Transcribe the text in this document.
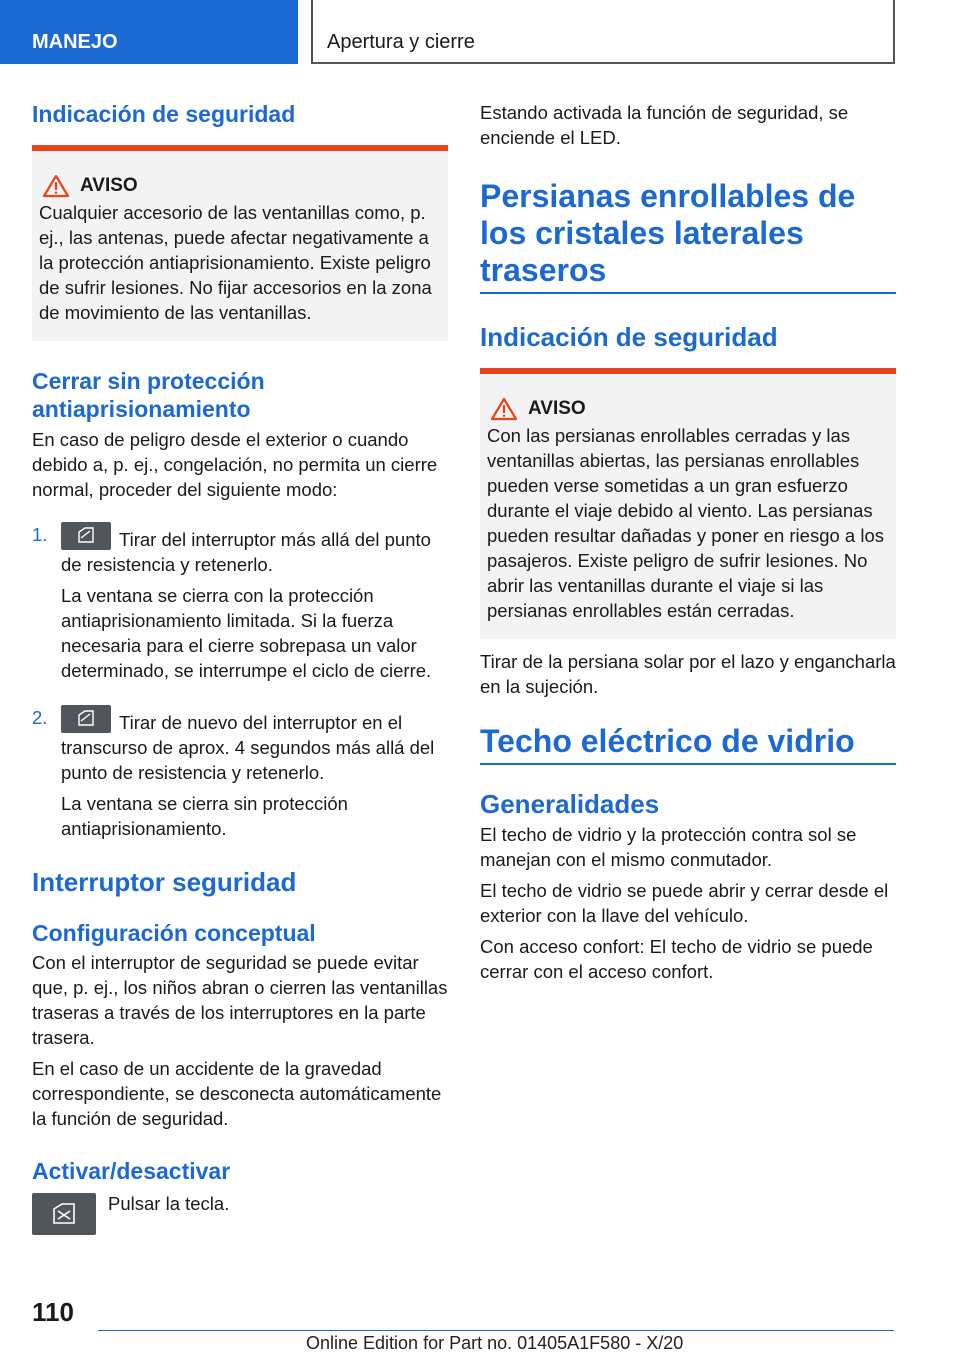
MANEJO	Apertura y cierre
Indicación de seguridad
AVISO

Cualquier accesorio de las ventanillas como, p. ej., las antenas, puede afectar negativamente a la protección antiaprisionamiento. Existe peligro de sufrir lesiones. No fijar accesorios en la zona de movimiento de las ventanillas.

Cerrar sin protección antiaprisionamiento

En caso de peligro desde el exterior o cuando debido a, p. ej., congelación, no permita un cierre normal, proceder del siguiente modo:

1.	Tirar del interruptor más allá del punto de resistencia y retenerlo.

La ventana se cierra con la protección antiaprisionamiento limitada. Si la fuerza necesaria para el cierre sobrepasa un valor determinado, se interrumpe el ciclo de cierre.

2.	Tirar de nuevo del interruptor en el transcurso de aprox. 4 segundos más allá del punto de resistencia y retenerlo.

La ventana se cierra sin protección antiaprisionamiento.

Interruptor seguridad
Configuración conceptual

Con el interruptor de seguridad se puede evitar que, p. ej., los niños abran o cierren las ventanillas traseras a través de los interruptores en la parte trasera.

En el caso de un accidente de la gravedad correspondiente, se desconecta automáticamente la función de seguridad.

Activar/desactivar

Pulsar la tecla.

Estando activada la función de seguridad, se enciende el LED.

Persianas enrollables de los cristales laterales traseros
Indicación de seguridad
AVISO

Con las persianas enrollables cerradas y las ventanillas abiertas, las persianas enrollables pueden verse sometidas a un gran esfuerzo durante el viaje debido al viento. Las persianas pueden resultar dañadas y poner en riesgo a los pasajeros. Existe peligro de sufrir lesiones. No abrir las ventanillas durante el viaje si las persianas enrollables están cerradas.

Tirar de la persiana solar por el lazo y engancharla en la sujeción.

Techo eléctrico de vidrio
Generalidades

El techo de vidrio y la protección contra sol se manejan con el mismo conmutador.

El techo de vidrio se puede abrir y cerrar desde el exterior con la llave del vehículo.

Con acceso confort: El techo de vidrio se puede cerrar con el acceso confort.

110
Online Edition for Part no. 01405A1F580 - X/20
